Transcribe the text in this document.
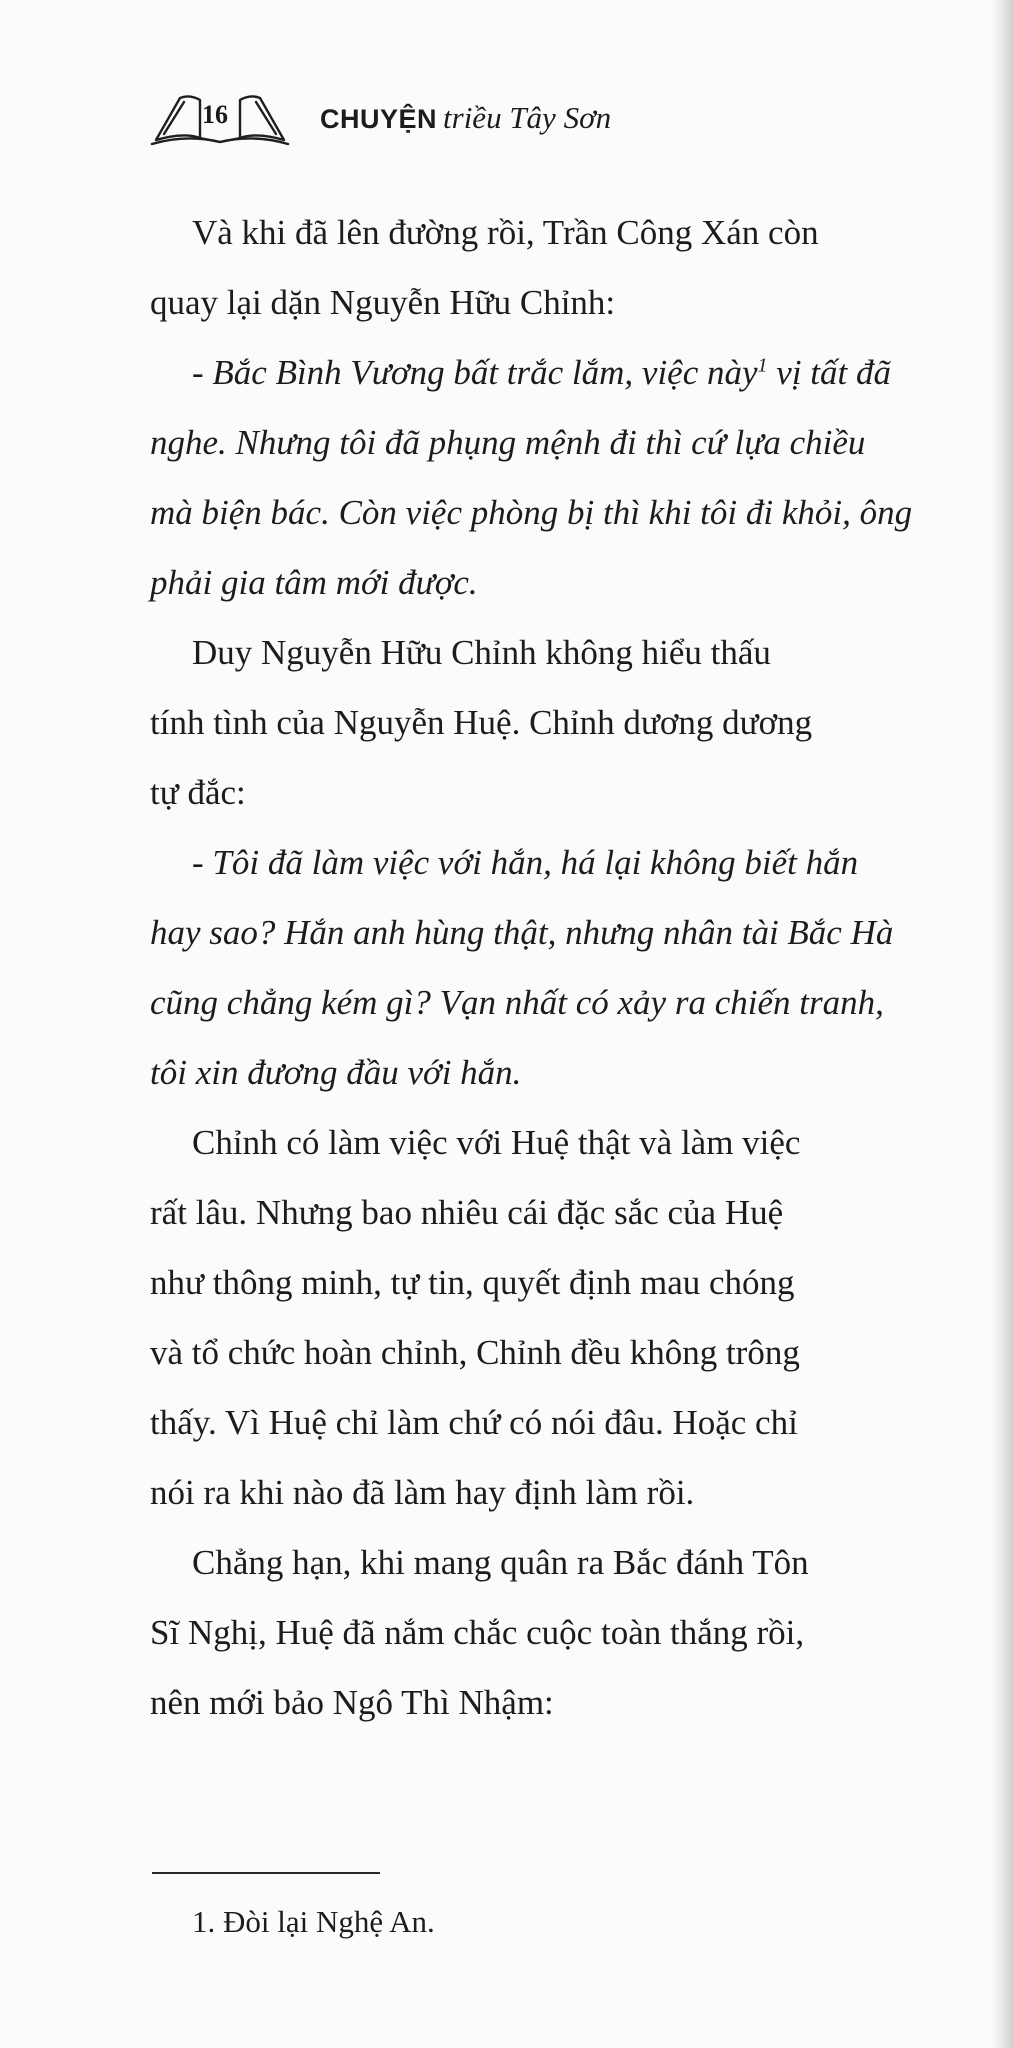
16	CHUYỆN triều Tây Sơn

Và khi đã lên đường rồi, Trần Công Xán còn
quay lại dặn Nguyễn Hữu Chỉnh:

- Bắc Bình Vương bất trắc lắm, việc này$^1$ vị tất đã
nghe. Nhưng tôi đã phụng mệnh đi thì cứ lựa chiều
mà biện bác. Còn việc phòng bị thì khi tôi đi khỏi, ông
phải gia tâm mới được.

Duy Nguyễn Hữu Chỉnh không hiểu thấu
tính tình của Nguyễn Huệ. Chỉnh dương dương
tự đắc:

- Tôi đã làm việc với hắn, há lại không biết hắn
hay sao? Hắn anh hùng thật, nhưng nhân tài Bắc Hà
cũng chẳng kém gì? Vạn nhất có xảy ra chiến tranh,
tôi xin đương đầu với hắn.

Chỉnh có làm việc với Huệ thật và làm việc
rất lâu. Nhưng bao nhiêu cái đặc sắc của Huệ
như thông minh, tự tin, quyết định mau chóng
và tổ chức hoàn chỉnh, Chỉnh đều không trông
thấy. Vì Huệ chỉ làm chứ có nói đâu. Hoặc chỉ
nói ra khi nào đã làm hay định làm rồi.

Chẳng hạn, khi mang quân ra Bắc đánh Tôn
Sĩ Nghị, Huệ đã nắm chắc cuộc toàn thắng rồi,
nên mới bảo Ngô Thì Nhậm:

1. Đòi lại Nghệ An.
